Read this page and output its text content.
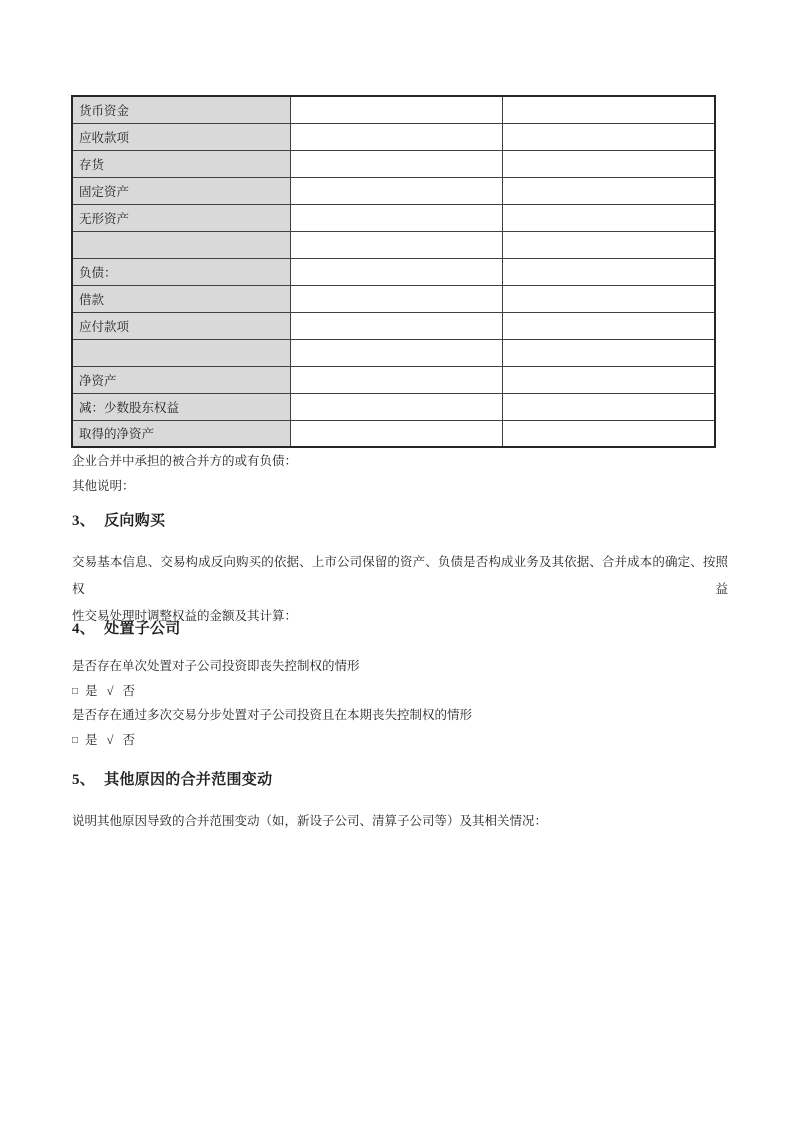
货币资金		
应收款项		
存货		
固定资产		
无形资产		

负债：		
借款		
应付款项		

净资产		
减：少数股东权益		
取得的净资产		
企业合并中承担的被合并方的或有负债：
其他说明：
3、 反向购买
交易基本信息、交易构成反向购买的依据、上市公司保留的资产、负债是否构成业务及其依据、合并成本的确定、按照权益
性交易处理时调整权益的金额及其计算：
4、 处置子公司
是否存在单次处置对子公司投资即丧失控制权的情形
□ 是 √ 否
是否存在通过多次交易分步处置对子公司投资且在本期丧失控制权的情形
□ 是 √ 否
5、 其他原因的合并范围变动
说明其他原因导致的合并范围变动（如，新设子公司、清算子公司等）及其相关情况：
